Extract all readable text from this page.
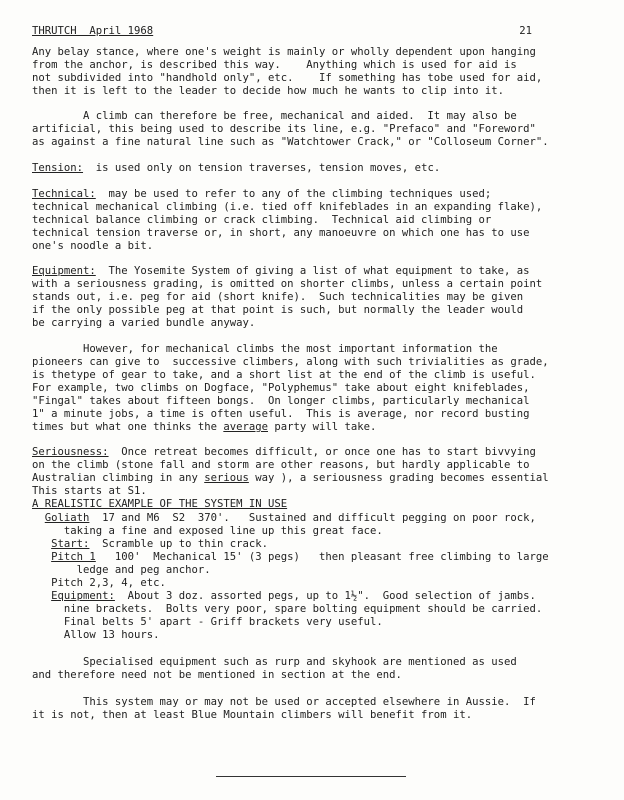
THRUTCH  April 1968	21
Any belay stance, where one's weight is mainly or wholly dependent upon hanging
from the anchor, is described this way.    Anything which is used for aid is
not subdivided into "handhold only", etc.    If something has tobe used for aid,
then it is left to the leader to decide how much he wants to clip into it.
A climb can therefore be free, mechanical and aided.  It may also be
artificial, this being used to describe its line, e.g. "Prefaco" and "Foreword"
as against a fine natural line such as "Watchtower Crack," or "Colloseum Corner".
Tension:  is used only on tension traverses, tension moves, etc.
Technical:  may be used to refer to any of the climbing techniques used;
technical mechanical climbing (i.e. tied off knifeblades in an expanding flake),
technical balance climbing or crack climbing.  Technical aid climbing or
technical tension traverse or, in short, any manoeuvre on which one has to use
one's noodle a bit.
Equipment:  The Yosemite System of giving a list of what equipment to take, as
with a seriousness grading, is omitted on shorter climbs, unless a certain point
stands out, i.e. peg for aid (short knife).  Such technicalities may be given
if the only possible peg at that point is such, but normally the leader would
be carrying a varied bundle anyway.
However, for mechanical climbs the most important information the
pioneers can give to  successive climbers, along with such trivialities as grade,
is thetype of gear to take, and a short list at the end of the climb is useful.
For example, two climbs on Dogface, "Polyphemus" take about eight knifeblades,
"Fingal" takes about fifteen bongs.  On longer climbs, particularly mechanical
1" a minute jobs, a time is often useful.  This is average, nor record busting
times but what one thinks the average party will take.
Seriousness:  Once retreat becomes difficult, or once one has to start bivvying
on the climb (stone fall and storm are other reasons, but hardly applicable to
Australian climbing in any serious way ), a seriousness grading becomes essential
This starts at S1.
A REALISTIC EXAMPLE OF THE SYSTEM IN USE
Goliath  17 and M6  S2  370'.   Sustained and difficult pegging on poor rock,
taking a fine and exposed line up this great face.
Start:  Scramble up to thin crack.
Pitch 1   100'  Mechanical 15' (3 pegs)   then pleasant free climbing to large
ledge and peg anchor.
Pitch 2,3, 4, etc.
Equipment:  About 3 doz. assorted pegs, up to 1½".  Good selection of jambs.
nine brackets.  Bolts very poor, spare bolting equipment should be carried.
Final belts 5' apart - Griff brackets very useful.
Allow 13 hours.
Specialised equipment such as rurp and skyhook are mentioned as used
and therefore need not be mentioned in section at the end.
This system may or may not be used or accepted elsewhere in Aussie.  If
it is not, then at least Blue Mountain climbers will benefit from it.
